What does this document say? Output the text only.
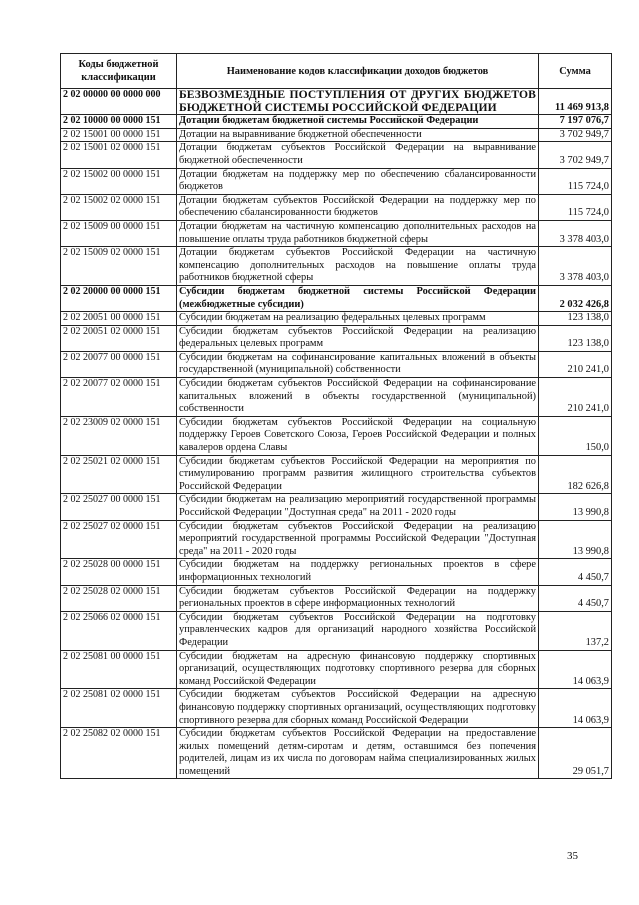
Коды бюджетной классификации	Наименование кодов классификации доходов бюджетов	Сумма
2 02 00000 00 0000 000	БЕЗВОЗМЕЗДНЫЕ ПОСТУПЛЕНИЯ ОТ ДРУГИХ БЮДЖЕТОВ БЮДЖЕТНОЙ СИСТЕМЫ РОССИЙСКОЙ ФЕДЕРАЦИИ	11 469 913,8
2 02 10000 00 0000 151	Дотации бюджетам бюджетной системы Российской Федерации	7 197 076,7
2 02 15001 00 0000 151	Дотации на выравнивание бюджетной обеспеченности	3 702 949,7
2 02 15001 02 0000 151	Дотации бюджетам субъектов Российской Федерации на выравнивание бюджетной обеспеченности	3 702 949,7
2 02 15002 00 0000 151	Дотации бюджетам на поддержку мер по обеспечению сбалансированности бюджетов	115 724,0
2 02 15002 02 0000 151	Дотации бюджетам субъектов Российской Федерации на поддержку мер по обеспечению сбалансированности бюджетов	115 724,0
2 02 15009 00 0000 151	Дотации бюджетам на частичную компенсацию дополнительных расходов на повышение оплаты труда работников бюджетной сферы	3 378 403,0
2 02 15009 02 0000 151	Дотации бюджетам субъектов Российской Федерации на частичную компенсацию дополнительных расходов на повышение оплаты труда работников бюджетной сферы	3 378 403,0
2 02 20000 00 0000 151	Субсидии бюджетам бюджетной системы Российской Федерации (межбюджетные субсидии)	2 032 426,8
2 02 20051 00 0000 151	Субсидии бюджетам на реализацию федеральных целевых программ	123 138,0
2 02 20051 02 0000 151	Субсидии бюджетам субъектов Российской Федерации на реализацию федеральных целевых программ	123 138,0
2 02 20077 00 0000 151	Субсидии бюджетам на софинансирование капитальных вложений в объекты государственной (муниципальной) собственности	210 241,0
2 02 20077 02 0000 151	Субсидии бюджетам субъектов Российской Федерации на софинансирование капитальных вложений в объекты государственной (муниципальной) собственности	210 241,0
2 02 23009 02 0000 151	Субсидии бюджетам субъектов Российской Федерации на социальную поддержку Героев Советского Союза, Героев Российской Федерации и полных кавалеров ордена Славы	150,0
2 02 25021 02 0000 151	Субсидии бюджетам субъектов Российской Федерации на мероприятия по стимулированию программ развития жилищного строительства субъектов Российской Федерации	182 626,8
2 02 25027 00 0000 151	Субсидии бюджетам на реализацию мероприятий государственной программы Российской Федерации "Доступная среда" на 2011 - 2020 годы	13 990,8
2 02 25027 02 0000 151	Субсидии бюджетам субъектов Российской Федерации на реализацию мероприятий государственной программы Российской Федерации "Доступная среда" на 2011 - 2020 годы	13 990,8
2 02 25028 00 0000 151	Субсидии бюджетам на поддержку региональных проектов в сфере информационных технологий	4 450,7
2 02 25028 02 0000 151	Субсидии бюджетам субъектов Российской Федерации на поддержку региональных проектов в сфере информационных технологий	4 450,7
2 02 25066 02 0000 151	Субсидии бюджетам субъектов Российской Федерации на подготовку управленческих кадров для организаций народного хозяйства Российской Федерации	137,2
2 02 25081 00 0000 151	Субсидии бюджетам на адресную финансовую поддержку спортивных организаций, осуществляющих подготовку спортивного резерва для сборных команд Российской Федерации	14 063,9
2 02 25081 02 0000 151	Субсидии бюджетам субъектов Российской Федерации на адресную финансовую поддержку спортивных организаций, осуществляющих подготовку спортивного резерва для сборных команд Российской Федерации	14 063,9
2 02 25082 02 0000 151	Субсидии бюджетам субъектов Российской Федерации на предоставление жилых помещений детям-сиротам и детям, оставшимся без попечения родителей, лицам из их числа по договорам найма специализированных жилых помещений	29 051,7
35
